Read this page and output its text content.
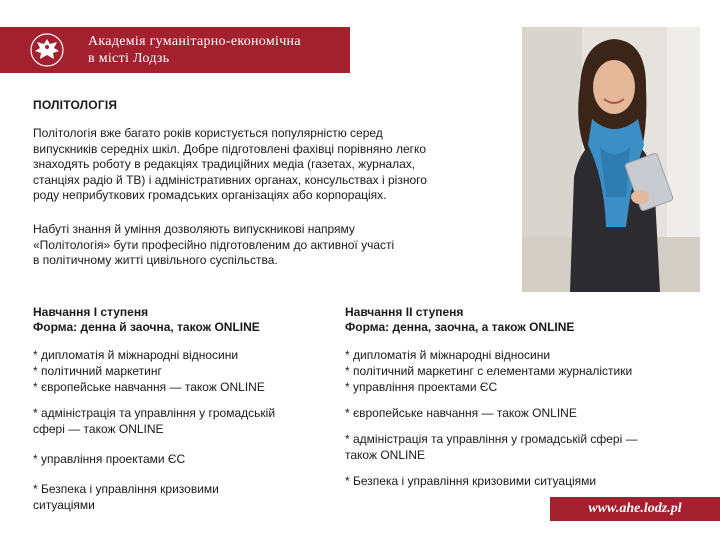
Академія гуманітарно-економічна
в місті Лодзь
ПОЛІТОЛОГІЯ
Політологія вже багато років користується популярністю серед
випускників середніх шкіл. Добре підготовлені фахівці порівняно легко
знаходять роботу в редакціях традиційних медіа (газетах, журналах,
станціях радіо й ТВ) і адміністративних органах, консульствах і різного
роду неприбуткових громадських організаціях або корпораціях.
Набуті знання й уміння дозволяють випускникові напряму
«Політологія» бути професійно підготовленим до активної участі
в політичному житті цивільного суспільства.
Навчання І ступеня
Форма: денна й заочна, також ONLINE
* дипломатія й міжнародні відносини
* політичний маркетинг
* європейське навчання — також ONLINE
* адміністрація та управління у громадській
сфері — також ONLINE
* управління проектами ЄС
* Безпека і управління кризовими
ситуаціями
Навчання ІІ ступеня
Форма: денна, заочна, а також ONLINE
* дипломатія й міжнародні відносини
* політичний маркетинг с елементами журналістики
* управління проектами ЄС
* європейське навчання — також ONLINE
* адміністрація та управління у громадській сфері —
також ONLINE
* Безпека і управління кризовими ситуаціями
www.ahe.lodz.pl
